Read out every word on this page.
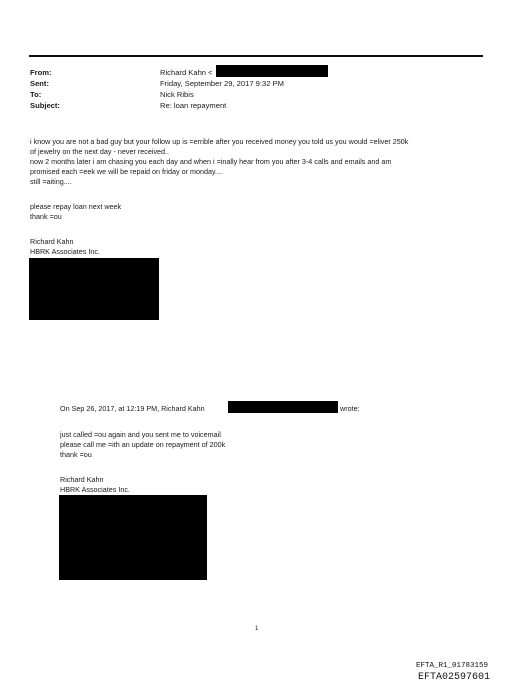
From:	Richard Kahn <
Sent:	Friday, September 29, 2017 9:32 PM
To:	Nick Ribis
Subject:	Re: loan repayment
i know you are not a bad guy but your follow up is =errible after you received money you told us you would =eliver 250k
of jewelry on the next day - never received..
now 2 months later i am chasing you each day and when i =inally hear from you after 3-4 calls and emails and am
promised each =eek we will be repaid on friday or monday....
still =aiting....
please repay loan next week
thank =ou
Richard Kahn
HBRK Associates Inc.
On Sep 26, 2017, at 12:19 PM, Richard Kahn	wrote:
just called =ou again and you sent me to voicemail
please call me =ith an update on repayment of 200k
thank =ou
Richard Kahn
HBRK Associates Inc.
1
EFTA_R1_01783159
EFTA02597601
